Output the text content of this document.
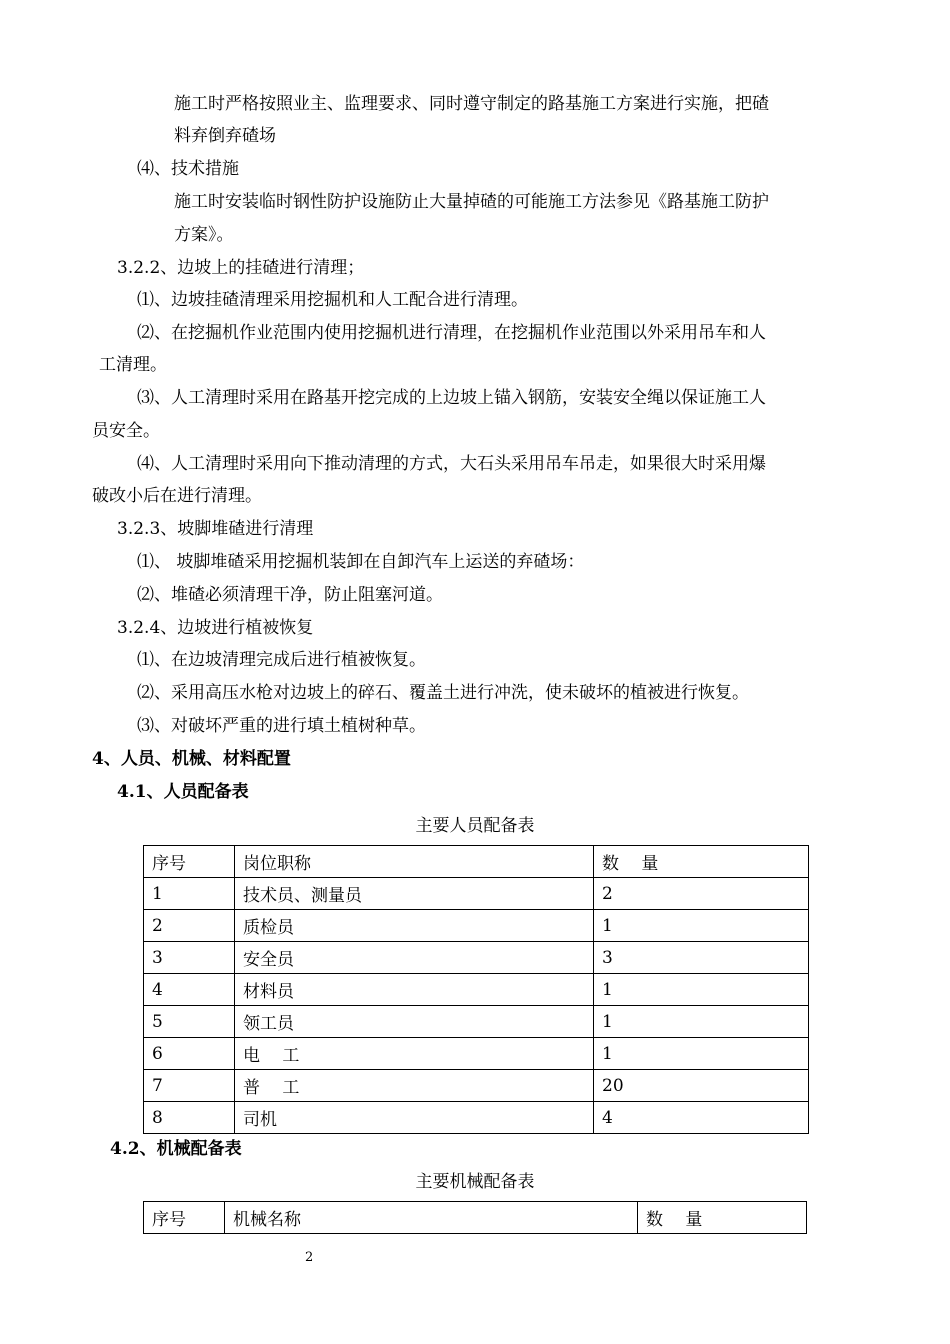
施工时严格按照业主、监理要求、同时遵守制定的路基施工方案进行实施，把碴
料弃倒弃碴场
⑷、技术措施
施工时安装临时钢性防护设施防止大量掉碴的可能施工方法参见《路基施工防护
方案》。
3.2.2、边坡上的挂碴进行清理；
⑴、边坡挂碴清理采用挖掘机和人工配合进行清理。
⑵、在挖掘机作业范围内使用挖掘机进行清理，在挖掘机作业范围以外采用吊车和人
工清理。
⑶、人工清理时采用在路基开挖完成的上边坡上锚入钢筋，安装安全绳以保证施工人
员安全。
⑷、人工清理时采用向下推动清理的方式，大石头采用吊车吊走，如果很大时采用爆
破改小后在进行清理。
3.2.3、坡脚堆碴进行清理
⑴、 坡脚堆碴采用挖掘机装卸在自卸汽车上运送的弃碴场：
⑵、堆碴必须清理干净，防止阻塞河道。
3.2.4、边坡进行植被恢复
⑴、在边坡清理完成后进行植被恢复。
⑵、采用高压水枪对边坡上的碎石、覆盖土进行冲洗，使未破坏的植被进行恢复。
⑶、对破坏严重的进行填土植树种草。
4、人员、机械、材料配置
4.1、人员配备表
主要人员配备表
序号	岗位职称	数　 量
1	技术员、测量员	2
2	质检员	1
3	安全员	3
4	材料员	1
5	领工员	1
6	电　 工	1
7	普　 工	20
8	司机	4
4.2、机械配备表
主要机械配备表
序号	机械名称	数　 量
2
